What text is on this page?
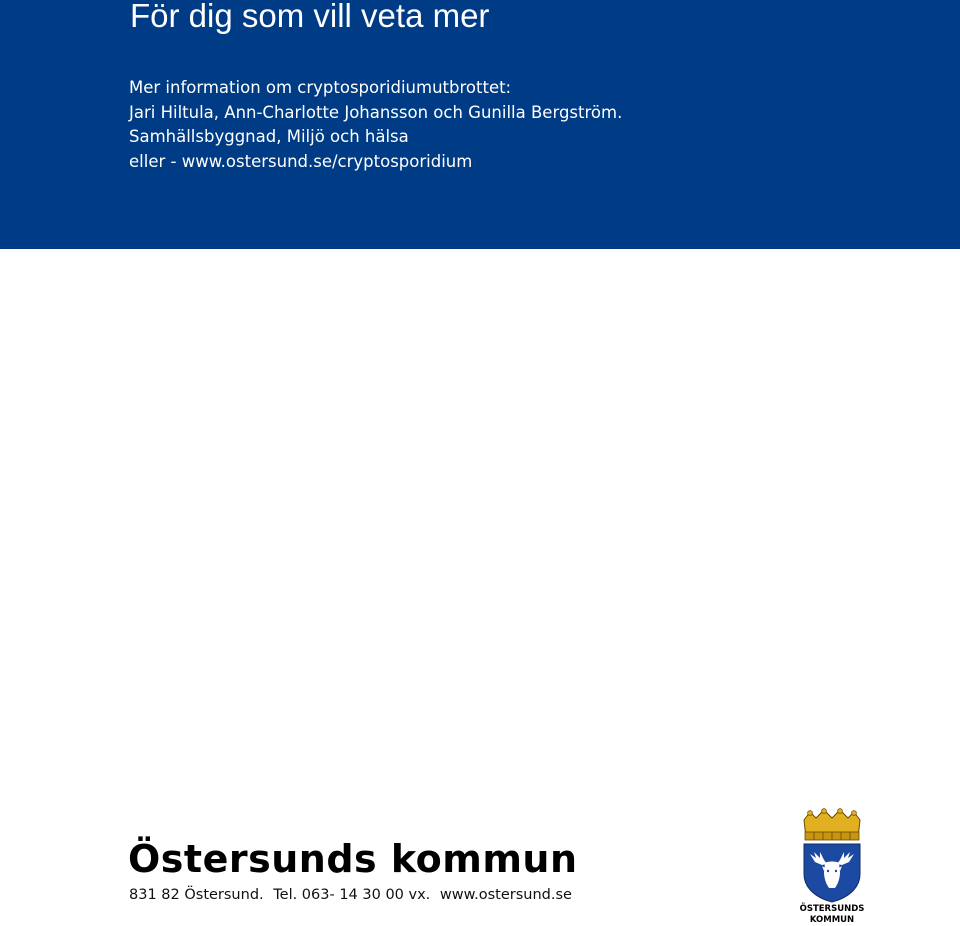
För dig som vill veta mer
Mer information om cryptosporidiumutbrottet:
Jari Hiltula, Ann-Charlotte Johansson och Gunilla Bergström.
Samhällsbyggnad, Miljö och hälsa
eller - www.ostersund.se/cryptosporidium
Östersunds kommun
831 82 Östersund. Tel. 063- 14 30 00 vx. www.ostersund.se
ÖSTERSUNDS
KOMMUN
